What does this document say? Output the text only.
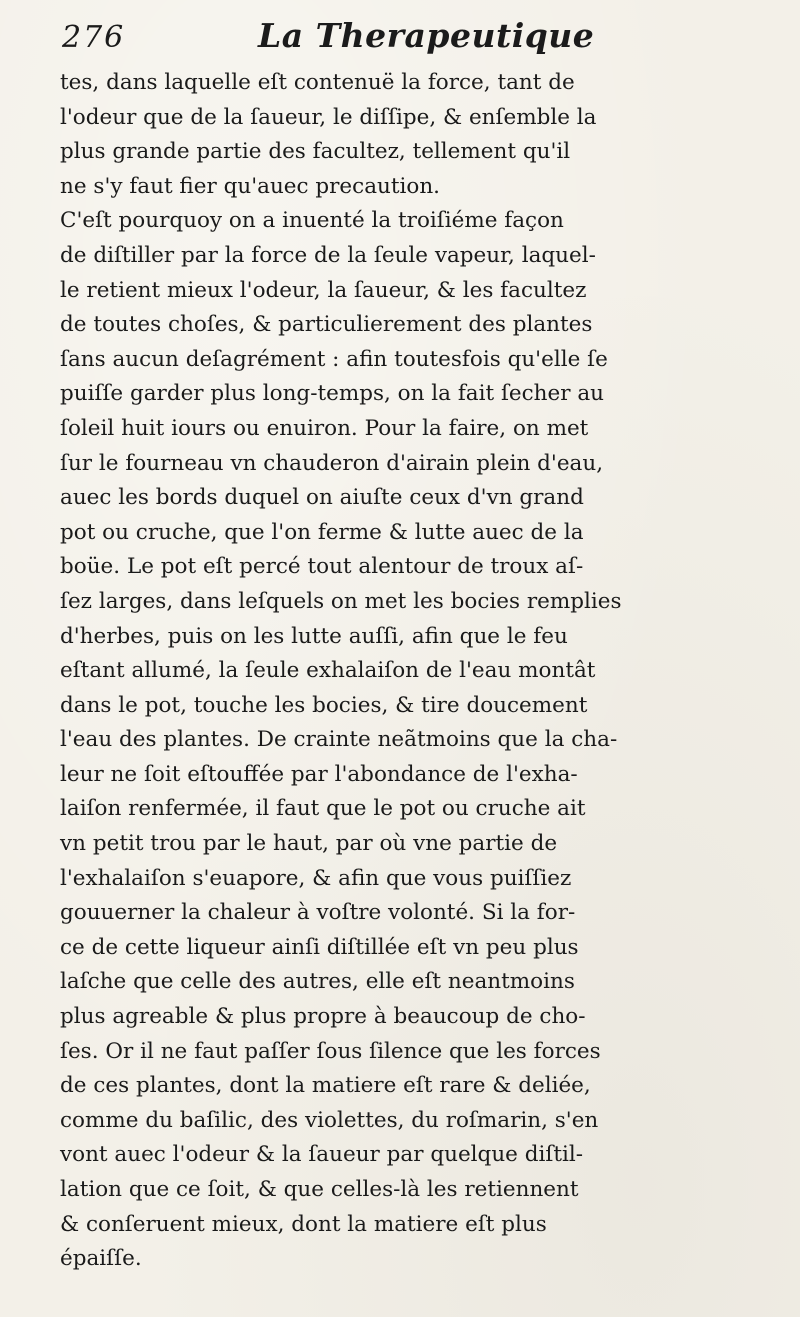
276	La Therapeutique
tes, dans laquelle eſt contenuë la force, tant de
l'odeur que de la ſaueur, le diſſipe, & enſemble la
plus grande partie des facultez, tellement qu'il
ne s'y faut fier qu'auec precaution.
C'eſt pourquoy on a inuenté la troiſiéme façon
de diſtiller par la force de la ſeule vapeur, laquel-
le retient mieux l'odeur, la ſaueur, & les facultez
de toutes choſes, & particulierement des plantes
ſans aucun deſagrément : afin toutesfois qu'elle ſe
puiſſe garder plus long-temps, on la fait ſecher au
ſoleil huit iours ou enuiron. Pour la faire, on met
ſur le fourneau vn chauderon d'airain plein d'eau,
auec les bords duquel on aiuſte ceux d'vn grand
pot ou cruche, que l'on ferme & lutte auec de la
boüe. Le pot eſt percé tout alentour de troux aſ-
ſez larges, dans leſquels on met les bocies remplies
d'herbes, puis on les lutte auſſi, afin que le feu
eſtant allumé, la ſeule exhalaiſon de l'eau montât
dans le pot, touche les bocies, & tire doucement
l'eau des plantes. De crainte neãtmoins que la cha-
leur ne ſoit eſtouffée par l'abondance de l'exha-
laiſon renfermée, il faut que le pot ou cruche ait
vn petit trou par le haut, par où vne partie de
l'exhalaiſon s'euapore, & afin que vous puiſſiez
gouuerner la chaleur à voſtre volonté. Si la for-
ce de cette liqueur ainſi diſtillée eſt vn peu plus
laſche que celle des autres, elle eſt neantmoins
plus agreable & plus propre à beaucoup de cho-
ſes. Or il ne faut paſſer ſous ſilence que les forces
de ces plantes, dont la matiere eſt rare & deliée,
comme du baſilic, des violettes, du roſmarin, s'en
vont auec l'odeur & la ſaueur par quelque diſtil-
lation que ce ſoit, & que celles-là les retiennent
& conſeruent mieux, dont la matiere eſt plus
épaiſſe.
